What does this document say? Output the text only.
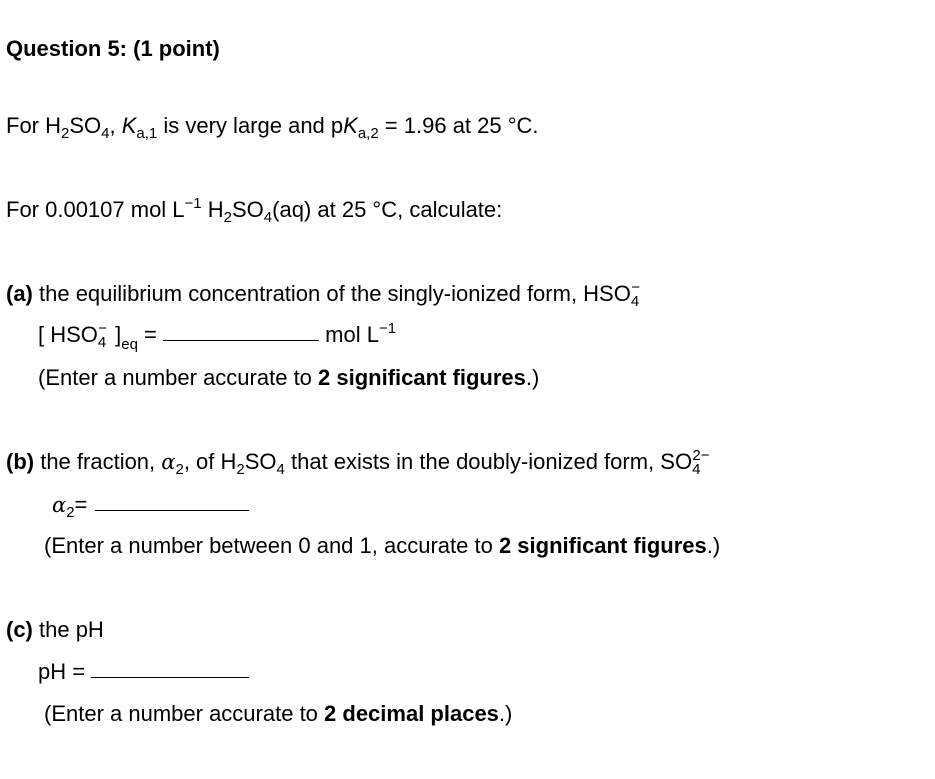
Question 5: (1 point)
For $H_2SO_4$, $K_{a,1}$ is very large and $pK_{a,2} = 1.96$ at 25 °C.
For 0.00107 mol $L^{-1}$ $H_2SO_4(aq)$ at 25 °C, calculate:
(a) the equilibrium concentration of the singly-ionized form, $HSO_4^-$
[ $HSO_4^-$ ]$_{eq}$ =	mol $L^{-1}$
(Enter a number accurate to 2 significant figures.)
(b) the fraction, $\alpha_2$, of $H_2SO_4$ that exists in the doubly-ionized form, $SO_4^{2-}$
$\alpha_2=$
(Enter a number between 0 and 1, accurate to 2 significant figures.)
(c) the pH
pH =
(Enter a number accurate to 2 decimal places.)
